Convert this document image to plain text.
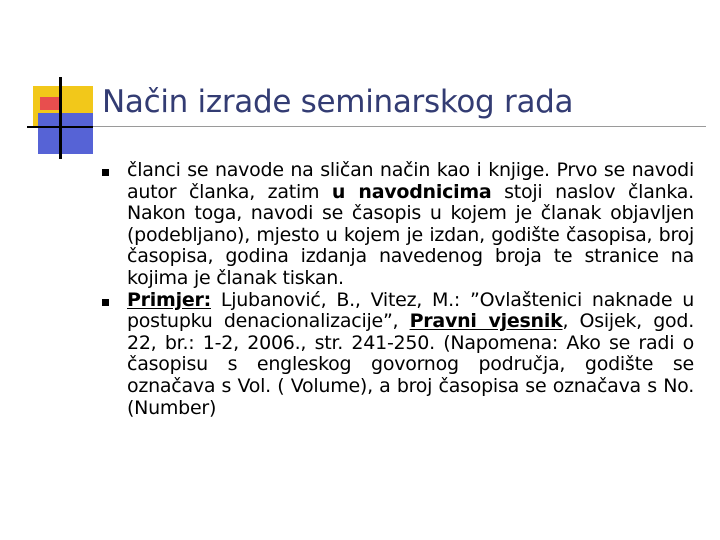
Način izrade seminarskog rada
članci se navode na sličan način kao i knjige. Prvo se navodi autor članka, zatim u navodnicima stoji naslov članka. Nakon toga, navodi se časopis u kojem je članak objavljen (podebljano), mjesto u kojem je izdan, godište časopisa, broj časopisa, godina izdanja navedenog broja te stranice na kojima je članak tiskan.
Primjer: Ljubanović, B., Vitez, M.: ”Ovlaštenici naknade u postupku denacionalizacije”, Pravni vjesnik, Osijek, god. 22, br.: 1-2, 2006., str. 241-250. (Napomena: Ako se radi o časopisu s engleskog govornog područja, godište se označava s Vol. ( Volume), a broj časopisa se označava s No. (Number)
